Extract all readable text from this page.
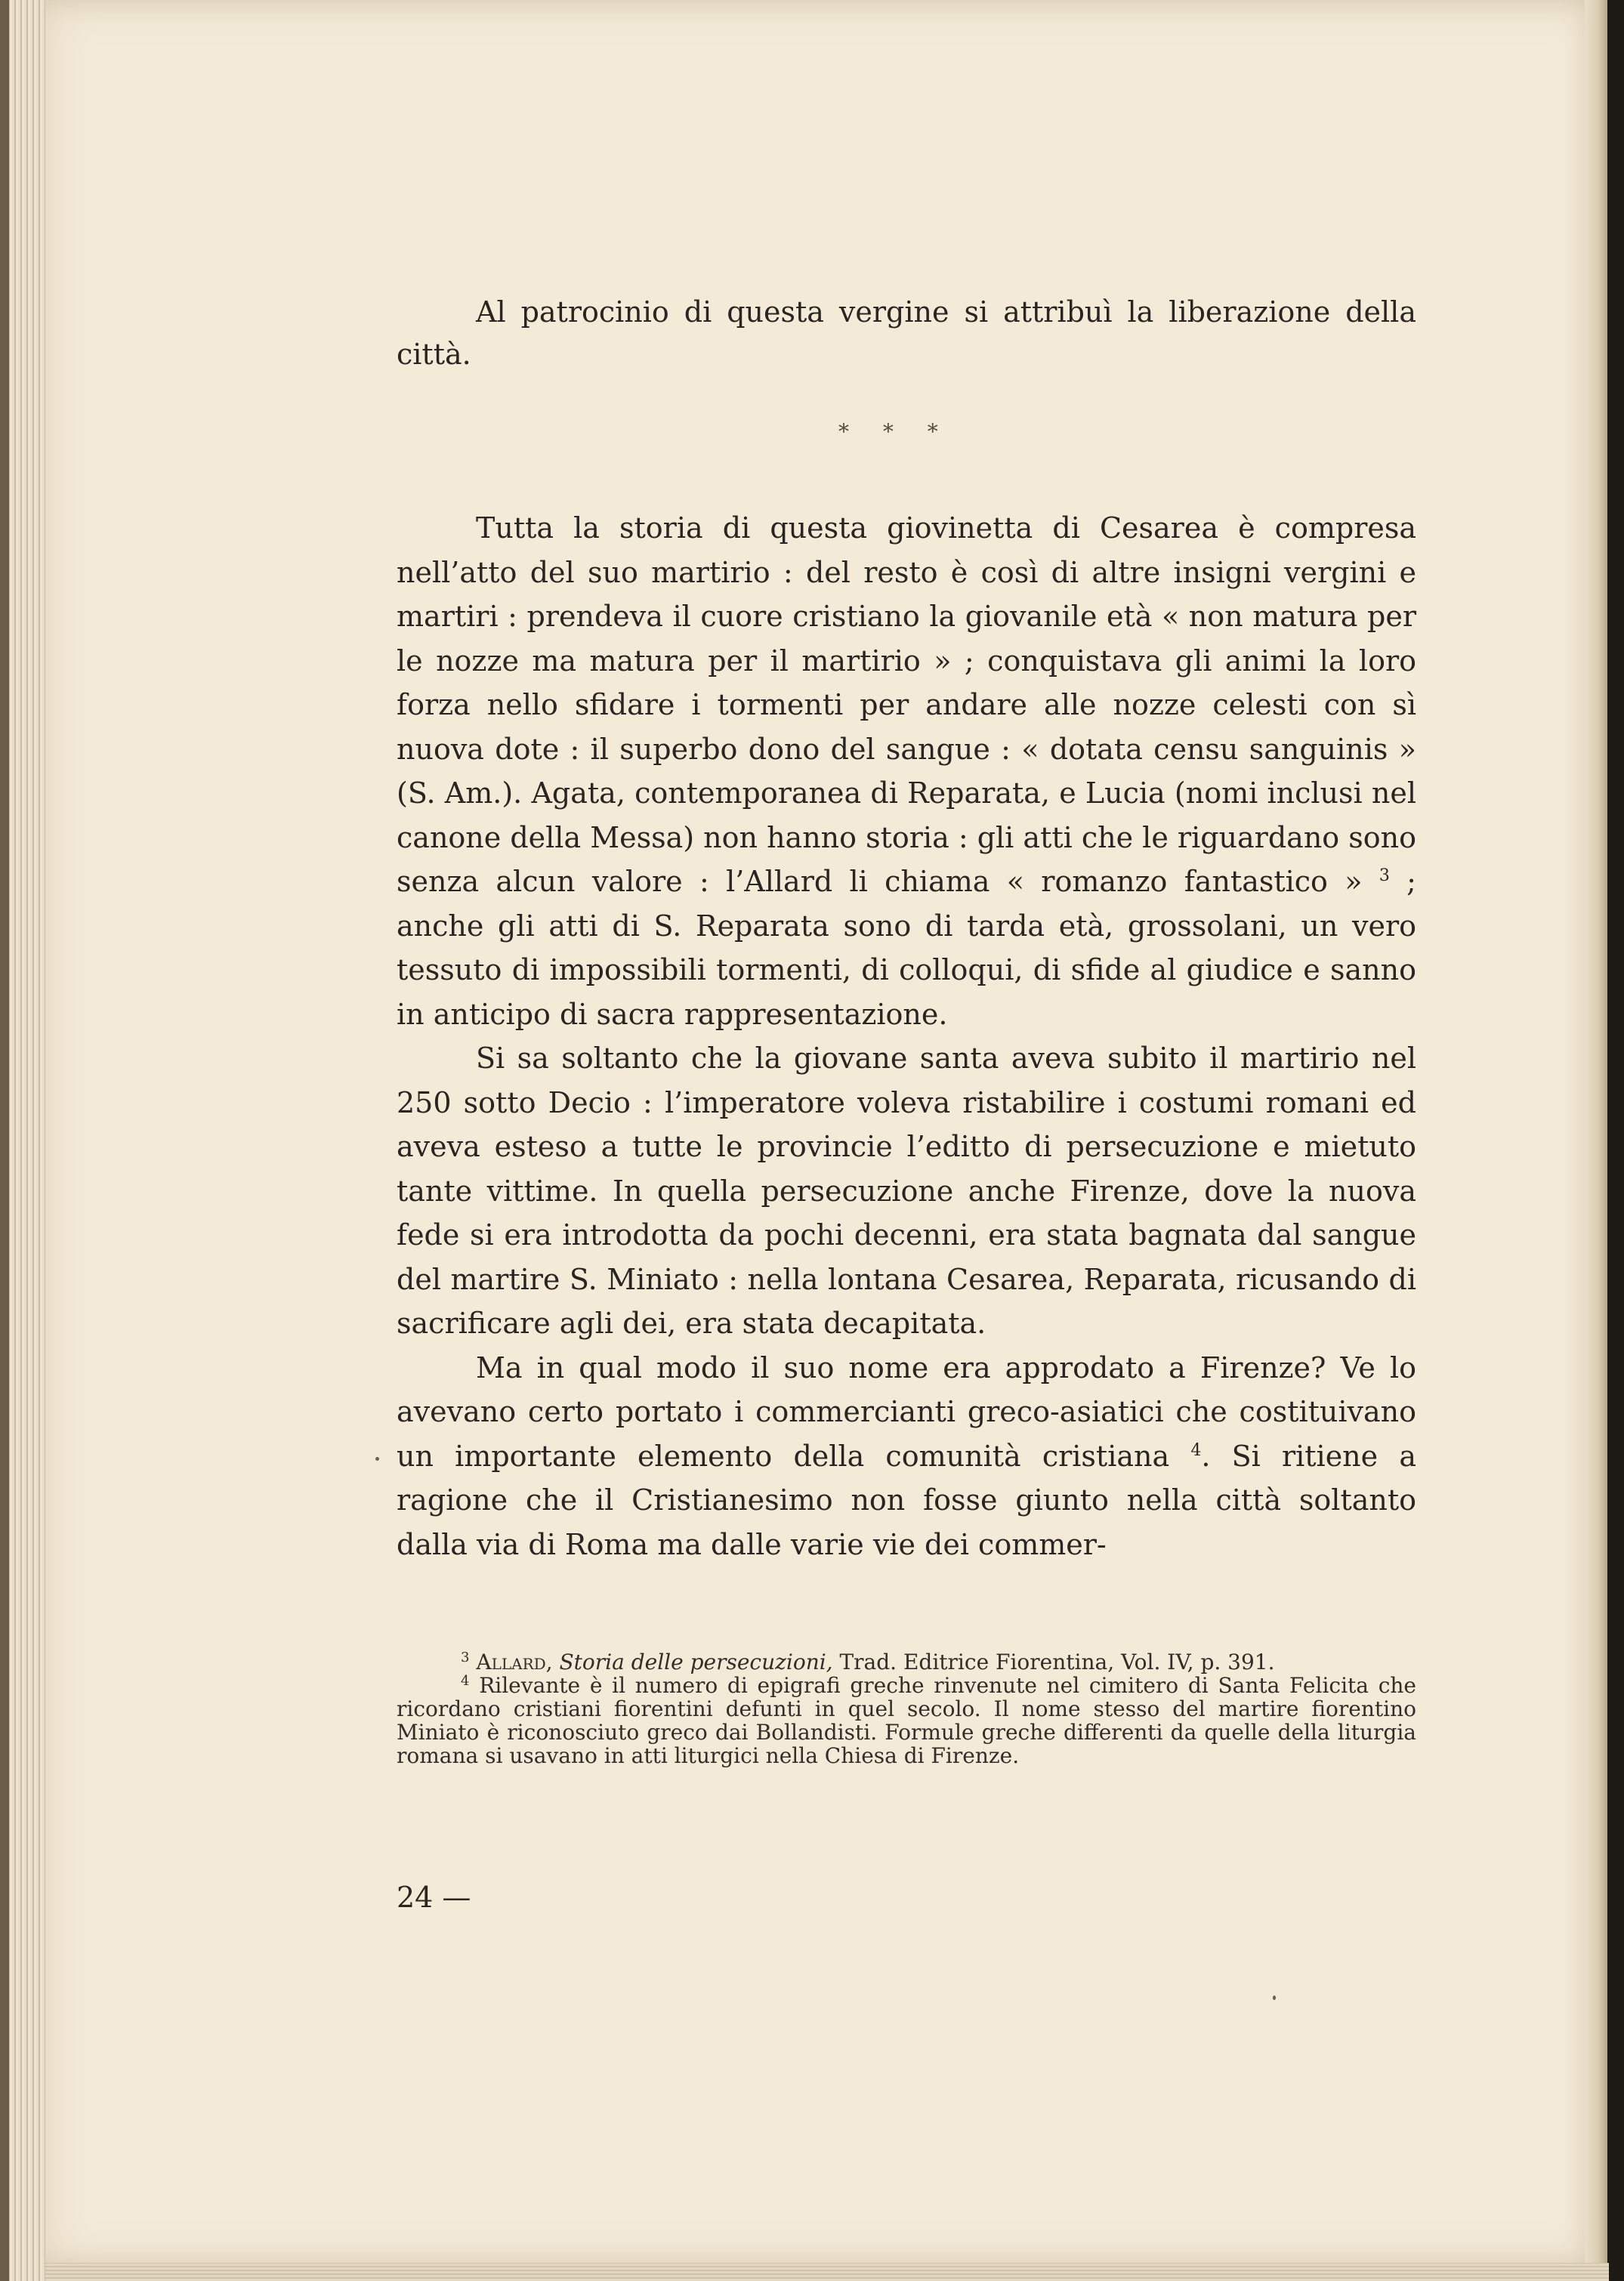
Al patrocinio di questa vergine si attribuì la liberazione della città.

* * *

Tutta la storia di questa giovinetta di Cesarea è compresa nell’atto del suo martirio : del resto è così di altre insigni vergini e martiri : prendeva il cuore cristiano la giovanile età « non matura per le nozze ma matura per il martirio » ; conquistava gli animi la loro forza nello sfidare i tormenti per andare alle nozze celesti con sì nuova dote : il superbo dono del sangue : « dotata censu sanguinis » (S. Am.). Agata, contemporanea di Reparata, e Lucia (nomi inclusi nel canone della Messa) non hanno storia : gli atti che le riguardano sono senza alcun valore : l’Allard li chiama « romanzo fantastico » $^3$ ; anche gli atti di S. Reparata sono di tarda età, grossolani, un vero tessuto di impossibili tormenti, di colloqui, di sfide al giudice e sanno in anticipo di sacra rappresentazione.

Si sa soltanto che la giovane santa aveva subito il martirio nel 250 sotto Decio : l’imperatore voleva ristabilire i costumi romani ed aveva esteso a tutte le provincie l’editto di persecuzione e mietuto tante vittime. In quella persecuzione anche Firenze, dove la nuova fede si era introdotta da pochi decenni, era stata bagnata dal sangue del martire S. Miniato : nella lontana Cesarea, Reparata, ricusando di sacrificare agli dei, era stata decapitata.

Ma in qual modo il suo nome era approdato a Firenze? Ve lo avevano certo portato i commercianti greco-asiatici che costituivano un importante elemento della comunità cristiana $^4$. Si ritiene a ragione che il Cristianesimo non fosse giunto nella città soltanto dalla via di Roma ma dalle varie vie dei commer-

$^3$ Allard, Storia delle persecuzioni, Trad. Editrice Fiorentina, Vol. IV, p. 391.

$^4$ Rilevante è il numero di epigrafi greche rinvenute nel cimitero di Santa Felicita che ricordano cristiani fiorentini defunti in quel secolo. Il nome stesso del martire fiorentino Miniato è riconosciuto greco dai Bollandisti. Formule greche differenti da quelle della liturgia romana si usavano in atti liturgici nella Chiesa di Firenze.

24 —
